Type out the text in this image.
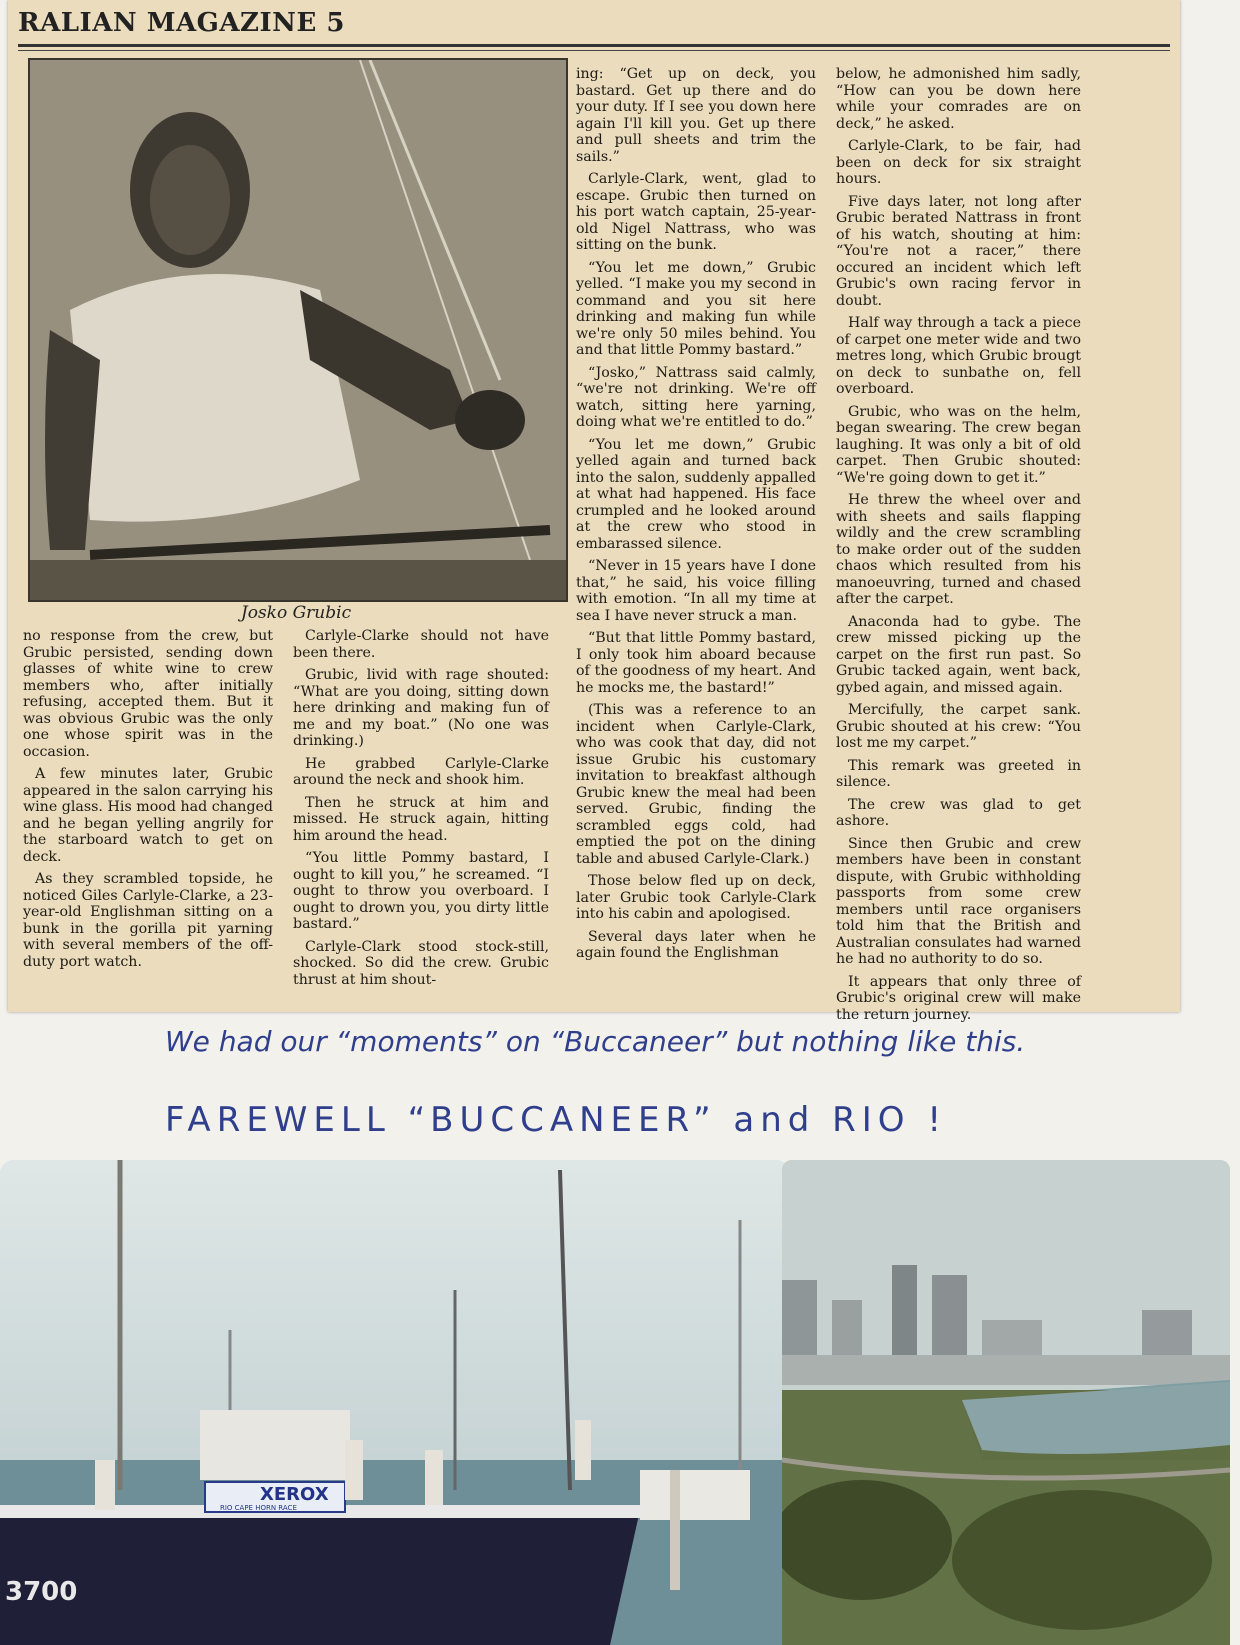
RALIAN MAGAZINE 5
Josko Grubic

no response from the crew, but Grubic persisted, sending down glasses of white wine to crew members who, after initially refusing, accepted them. But it was obvious Grubic was the only one whose spirit was in the occasion.

A few minutes later, Grubic appeared in the salon carrying his wine glass. His mood had changed and he began yelling angrily for the starboard watch to get on deck.

As they scrambled topside, he noticed Giles Carlyle-Clarke, a 23-year-old Englishman sitting on a bunk in the gorilla pit yarning with several members of the off-duty port watch.

Carlyle-Clarke should not have been there.

Grubic, livid with rage shouted: “What are you doing, sitting down here drinking and making fun of me and my boat.” (No one was drinking.)

He grabbed Carlyle-Clarke around the neck and shook him.

Then he struck at him and missed. He struck again, hitting him around the head.

“You little Pommy bastard, I ought to kill you,” he screamed. “I ought to throw you overboard. I ought to drown you, you dirty little bastard.”

Carlyle-Clark stood stock-still, shocked. So did the crew. Grubic thrust at him shout-

ing: “Get up on deck, you bastard. Get up there and do your duty. If I see you down here again I'll kill you. Get up there and pull sheets and trim the sails.”

Carlyle-Clark, went, glad to escape. Grubic then turned on his port watch captain, 25-year-old Nigel Nattrass, who was sitting on the bunk.

“You let me down,” Grubic yelled. “I make you my second in command and you sit here drinking and making fun while we're only 50 miles behind. You and that little Pommy bastard.”

“Josko,” Nattrass said calmly, “we're not drinking. We're off watch, sitting here yarning, doing what we're entitled to do.”

“You let me down,” Grubic yelled again and turned back into the salon, suddenly appalled at what had happened. His face crumpled and he looked around at the crew who stood in embarassed silence.

“Never in 15 years have I done that,” he said, his voice filling with emotion. “In all my time at sea I have never struck a man.

“But that little Pommy bastard, I only took him aboard because of the goodness of my heart. And he mocks me, the bastard!”

(This was a reference to an incident when Carlyle-Clark, who was cook that day, did not issue Grubic his customary invitation to breakfast although Grubic knew the meal had been served. Grubic, finding the scrambled eggs cold, had emptied the pot on the dining table and abused Carlyle-Clark.)

Those below fled up on deck, later Grubic took Carlyle-Clark into his cabin and apologised.

Several days later when he again found the Englishman

below, he admonished him sadly, “How can you be down here while your comrades are on deck,” he asked.

Carlyle-Clark, to be fair, had been on deck for six straight hours.

Five days later, not long after Grubic berated Nattrass in front of his watch, shouting at him: “You're not a racer,” there occured an incident which left Grubic's own racing fervor in doubt.

Half way through a tack a piece of carpet one meter wide and two metres long, which Grubic brougt on deck to sunbathe on, fell overboard.

Grubic, who was on the helm, began swearing. The crew began laughing. It was only a bit of old carpet. Then Grubic shouted: “We're going down to get it.”

He threw the wheel over and with sheets and sails flapping wildly and the crew scrambling to make order out of the sudden chaos which resulted from his manoeuvring, turned and chased after the carpet.

Anaconda had to gybe. The crew missed picking up the carpet on the first run past. So Grubic tacked again, went back, gybed again, and missed again.

Mercifully, the carpet sank. Grubic shouted at his crew: “You lost me my carpet.”

This remark was greeted in silence.

The crew was glad to get ashore.

Since then Grubic and crew members have been in constant dispute, with Grubic withholding passports from some crew members until race organisers told him that the British and Australian consulates had warned he had no authority to do so.

It appears that only three of Grubic's original crew will make the return journey.

We had our “moments” on “Buccaneer” but nothing like this.
FAREWELL “BUCCANEER” and RIO !
XEROX
RIO CAPE HORN RACE
3700
